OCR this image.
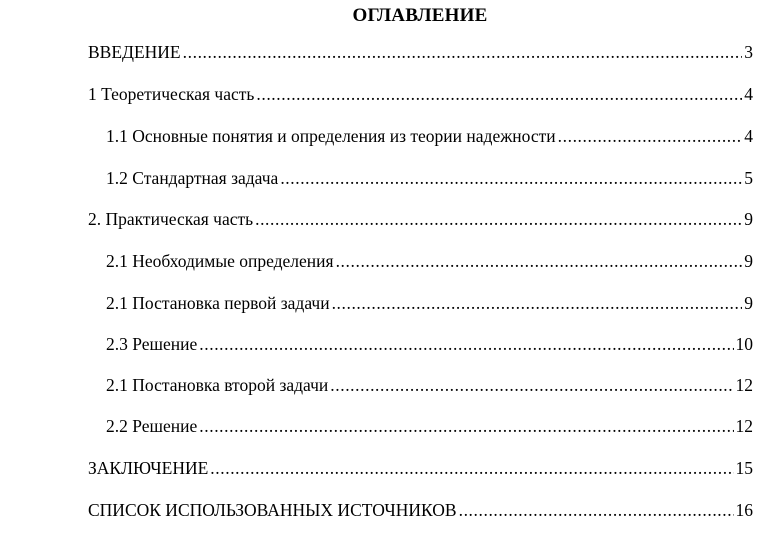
ОГЛАВЛЕНИЕ
ВВЕДЕНИЕ .....	3
1 Теоретическая часть .....	4
1.1 Основные понятия и определения из теории надежности .....	4
1.2 Стандартная задача .....	5
2. Практическая часть .....	9
2.1 Необходимые определения .....	9
2.1 Постановка первой задачи .....	9
2.3 Решение .....	10
2.1 Постановка второй задачи .....	12
2.2 Решение .....	12
ЗАКЛЮЧЕНИЕ .....	15
СПИСОК ИСПОЛЬЗОВАННЫХ ИСТОЧНИКОВ .....	16
